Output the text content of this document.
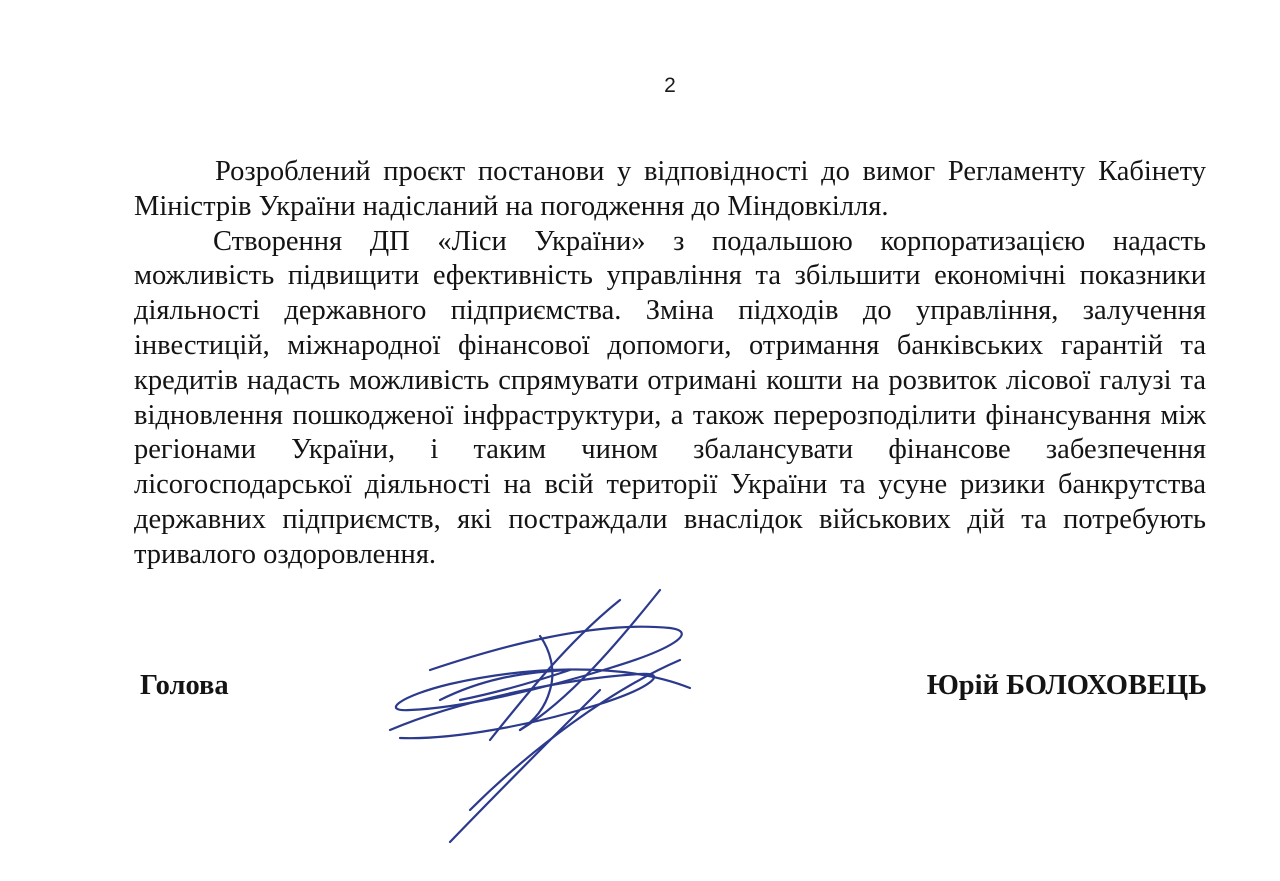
2

Розроблений проєкт постанови у відповідності до вимог Регламенту Кабінету Міністрів України надісланий на погодження до Міндовкілля.

Створення ДП «Ліси України» з подальшою корпоратизацією надасть можливість підвищити ефективність управління та збільшити економічні показники діяльності державного підприємства. Зміна підходів до управління, залучення інвестицій, міжнародної фінансової допомоги, отримання банківських гарантій та кредитів надасть можливість спрямувати отримані кошти на розвиток лісової галузі та відновлення пошкодженої інфраструктури, а також перерозподілити фінансування між регіонами України, і таким чином збалансувати фінансове забезпечення лісогосподарської діяльності на всій території України та усуне ризики банкрутства державних підприємств, які постраждали внаслідок військових дій та потребують тривалого оздоровлення.

Голова	Юрій БОЛОХОВЕЦЬ
